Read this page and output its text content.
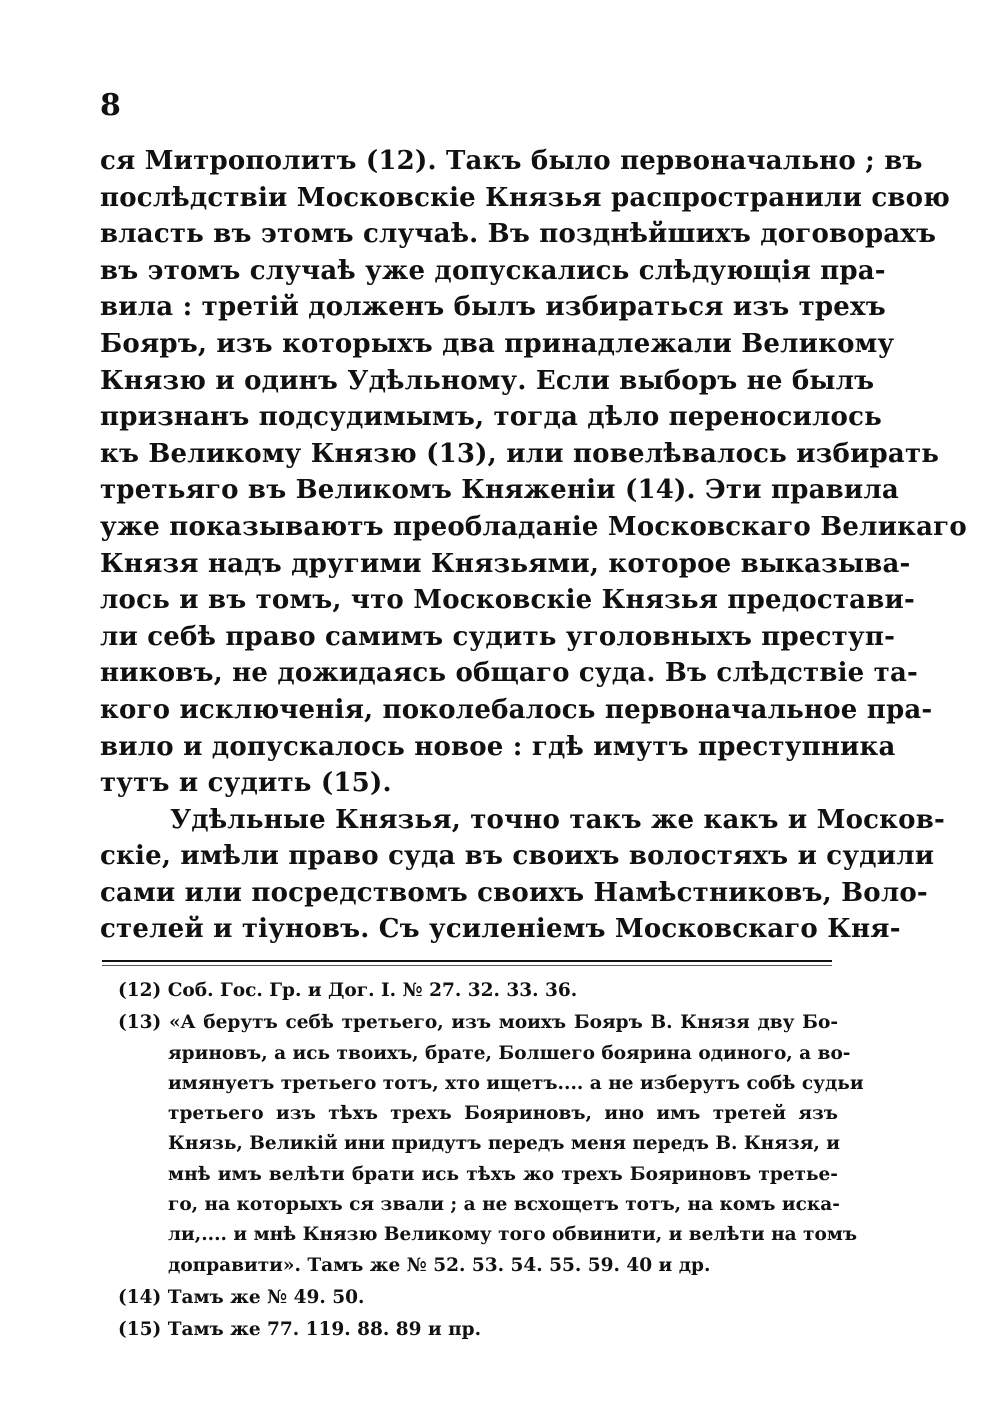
8
ся Митрополитъ (12). Такъ было первоначально ; въ
послѣдствіи Московскіе Князья распространили свою
власть въ этомъ случаѣ. Въ позднѣйшихъ договорахъ
въ этомъ случаѣ уже допускались слѣдующія пра-
вила : третій долженъ былъ избираться изъ трехъ
Бояръ, изъ которыхъ два принадлежали Великому
Князю и одинъ Удѣльному. Если выборъ не былъ
признанъ подсудимымъ, тогда дѣло переносилось
къ Великому Князю (13), или повелѣвалось избирать
третьяго въ Великомъ Княженіи (14). Эти правила
уже показываютъ преобладаніе Московскаго Великаго
Князя надъ другими Князьями, которое выказыва-
лось и въ томъ, что Московскіе Князья предостави-
ли себѣ право самимъ судить уголовныхъ преступ-
никовъ, не дожидаясь общаго суда. Въ слѣдствіе та-
кого исключенія, поколебалось первоначальное пра-
вило и допускалось новое : гдѣ имутъ преступника
тутъ и судить (15).
Удѣльные Князья, точно такъ же какъ и Москов-
скіе, имѣли право суда въ своихъ волостяхъ и судили
сами или посредствомъ своихъ Намѣстниковъ, Воло-
стелей и тіуновъ. Съ усиленіемъ Московскаго Кня-
(12) Соб. Гос. Гр. и Дог. I. № 27. 32. 33. 36.
(13) «А берутъ себѣ третьего, изъ моихъ Бояръ В. Князя дву Бо-
яриновъ, а ись твоихъ, брате, Болшего боярина одиного, а во-
имянуетъ третьего тотъ, хто ищетъ.... а не изберутъ собѣ судьи
третьего изъ тѣхъ трехъ Бояриновъ, ино имъ третей язъ
Князь, Великій ини придутъ передъ меня передъ В. Князя, и
мнѣ имъ велѣти брати ись тѣхъ жо трехъ Бояриновъ третье-
го, на которыхъ ся звали ; а не всхощетъ тотъ, на комъ иска-
ли,.... и мнѣ Князю Великому того обвинити, и велѣти на томъ
доправити». Тамъ же № 52. 53. 54. 55. 59. 40 и др.
(14) Тамъ же № 49. 50.
(15) Тамъ же 77. 119. 88. 89 и пр.
